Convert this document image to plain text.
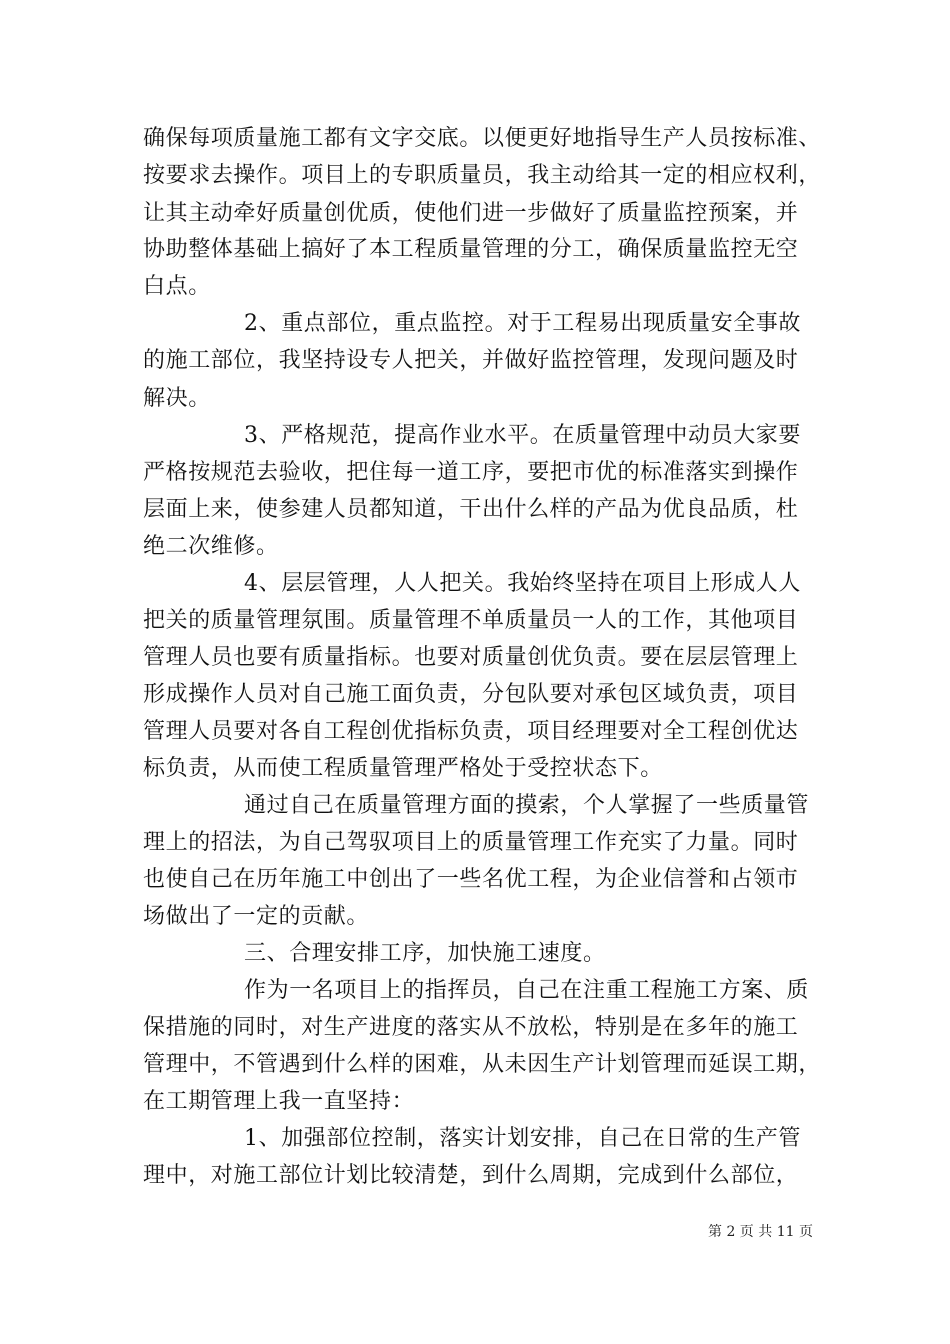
确保每项质量施工都有文字交底。以便更好地指导生产人员按标准、
按要求去操作。项目上的专职质量员，我主动给其一定的相应权利，
让其主动牵好质量创优质，使他们进一步做好了质量监控预案，并
协助整体基础上搞好了本工程质量管理的分工，确保质量监控无空
白点。
2、重点部位，重点监控。对于工程易出现质量安全事故
的施工部位，我坚持设专人把关，并做好监控管理，发现问题及时
解决。
3、严格规范，提高作业水平。在质量管理中动员大家要
严格按规范去验收，把住每一道工序，要把市优的标准落实到操作
层面上来，使参建人员都知道，干出什么样的产品为优良品质，杜
绝二次维修。
4、层层管理，人人把关。我始终坚持在项目上形成人人
把关的质量管理氛围。质量管理不单质量员一人的工作，其他项目
管理人员也要有质量指标。也要对质量创优负责。要在层层管理上
形成操作人员对自己施工面负责，分包队要对承包区域负责，项目
管理人员要对各自工程创优指标负责，项目经理要对全工程创优达
标负责，从而使工程质量管理严格处于受控状态下。
通过自己在质量管理方面的摸索，个人掌握了一些质量管
理上的招法，为自己驾驭项目上的质量管理工作充实了力量。同时
也使自己在历年施工中创出了一些名优工程，为企业信誉和占领市
场做出了一定的贡献。
三、合理安排工序，加快施工速度。
作为一名项目上的指挥员，自己在注重工程施工方案、质
保措施的同时，对生产进度的落实从不放松，特别是在多年的施工
管理中，不管遇到什么样的困难，从未因生产计划管理而延误工期，
在工期管理上我一直坚持：
1、加强部位控制，落实计划安排，自己在日常的生产管
理中，对施工部位计划比较清楚，到什么周期，完成到什么部位，
第 2 页 共 11 页
